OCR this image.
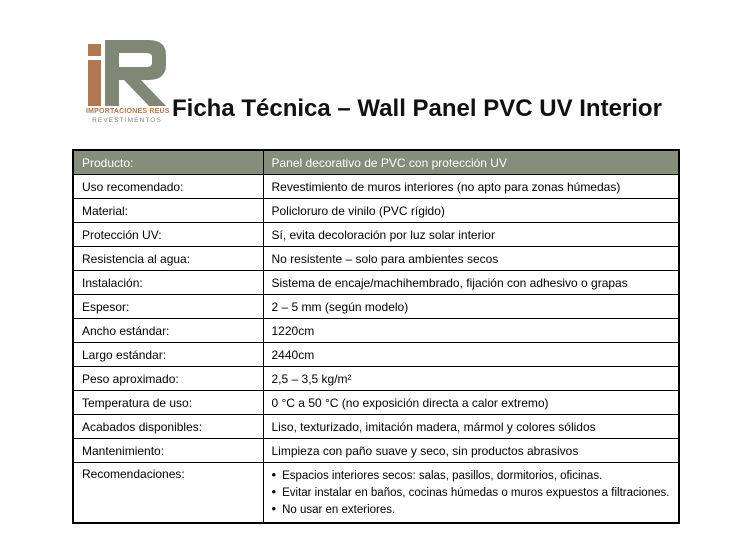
IMPORTACIONES REUS
REVESTIMENTOS Ficha Técnica – Wall Panel PVC UV Interior
Producto:	Panel decorativo de PVC con protección UV
Uso recomendado:	Revestimiento de muros interiores (no apto para zonas húmedas)
Material:	Policloruro de vinilo (PVC rígido)
Protección UV:	Sí, evita decoloración por luz solar interior
Resistencia al agua:	No resistente – solo para ambientes secos
Instalación:	Sistema de encaje/machihembrado, fijación con adhesivo o grapas
Espesor:	2 – 5 mm (según modelo)
Ancho estándar:	1220cm
Largo estándar:	2440cm
Peso aproximado:	2,5 – 3,5 kg/m²
Temperatura de uso:	0 °C a 50 °C (no exposición directa a calor extremo)
Acabados disponibles:	Liso, texturizado, imitación madera, mármol y colores sólidos
Mantenimiento:	Limpieza con paño suave y seco, sin productos abrasivos
Recomendaciones:	• Espacios interiores secos: salas, pasillos, dormitorios, oficinas.
• Evitar instalar en baños, cocinas húmedas o muros expuestos a filtraciones.
• No usar en exteriores.
